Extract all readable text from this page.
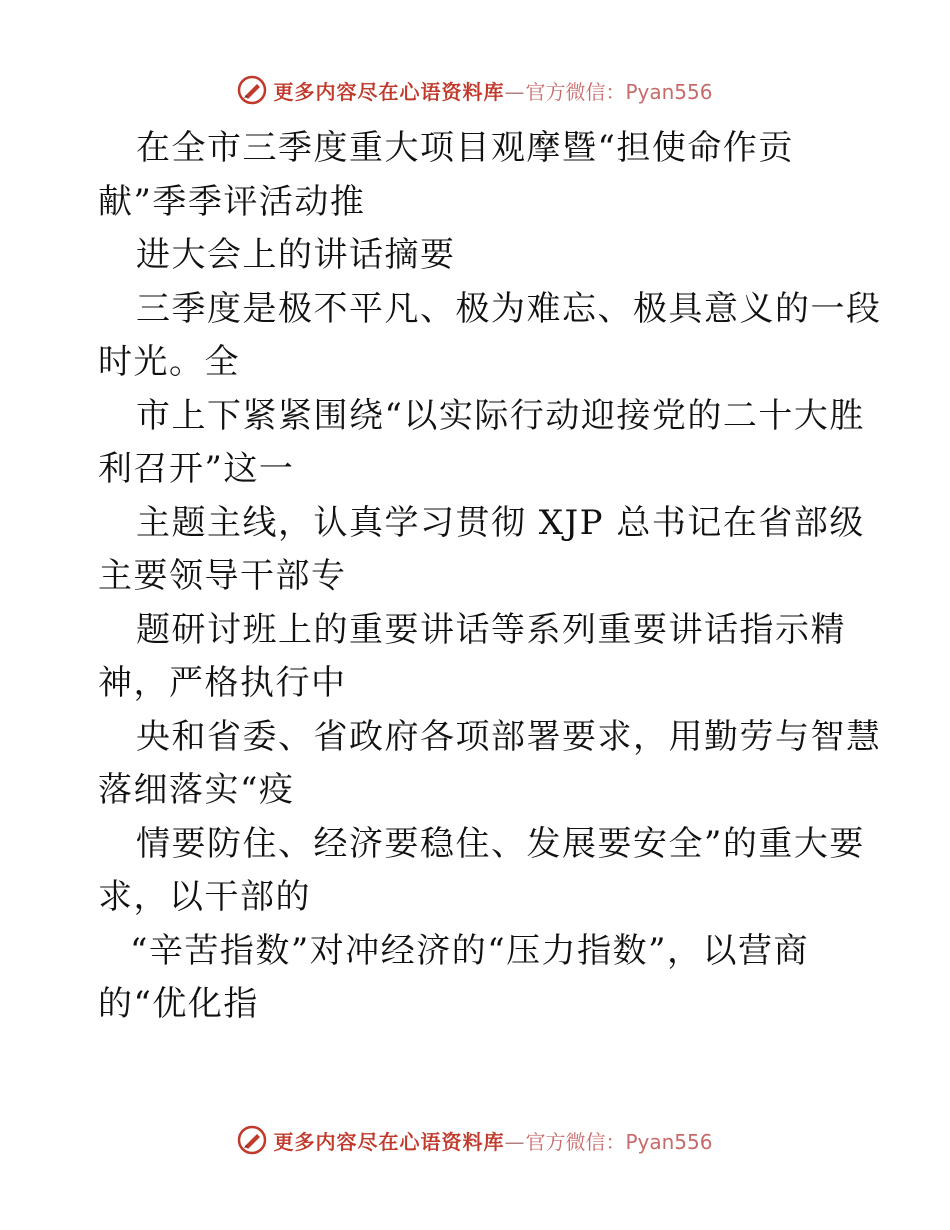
更多内容尽在心语资料库—官方微信：Pyan556
在全市三季度重大项目观摩暨“担使命作贡
献”季季评活动推
进大会上的讲话摘要
三季度是极不平凡、极为难忘、极具意义的一段
时光。全
市上下紧紧围绕“以实际行动迎接党的二十大胜
利召开”这一
主题主线，认真学习贯彻 XJP 总书记在省部级
主要领导干部专
题研讨班上的重要讲话等系列重要讲话指示精
神，严格执行中
央和省委、省政府各项部署要求，用勤劳与智慧
落细落实“疫
情要防住、经济要稳住、发展要安全”的重大要
求，以干部的
“辛苦指数”对冲经济的“压力指数”，以营商
的“优化指
更多内容尽在心语资料库—官方微信：Pyan556
